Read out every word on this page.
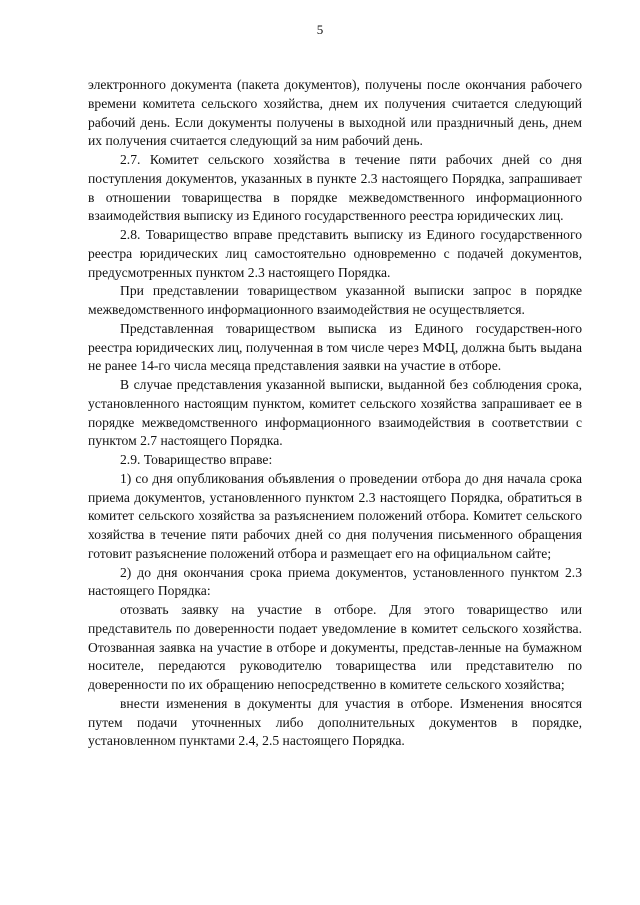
5

электронного документа (пакета документов), получены после окончания рабочего времени комитета сельского хозяйства, днем их получения считается следующий рабочий день. Если документы получены в выходной или праздничный день, днем их получения считается следующий за ним рабочий день.

2.7. Комитет сельского хозяйства в течение пяти рабочих дней со дня поступления документов, указанных в пункте 2.3 настоящего Порядка, запрашивает в отношении товарищества в порядке межведомственного информационного взаимодействия выписку из Единого государственного реестра юридических лиц.

2.8. Товарищество вправе представить выписку из Единого государственного реестра юридических лиц самостоятельно одновременно с подачей документов, предусмотренных пунктом 2.3 настоящего Порядка.

При представлении товариществом указанной выписки запрос в порядке межведомственного информационного взаимодействия не осуществляется.

Представленная товариществом выписка из Единого государствен-ного реестра юридических лиц, полученная в том числе через МФЦ, должна быть выдана не ранее 14-го числа месяца представления заявки на участие в отборе.

В случае представления указанной выписки, выданной без соблюдения срока, установленного настоящим пунктом, комитет сельского хозяйства запрашивает ее в порядке межведомственного информационного взаимодействия в соответствии с пунктом 2.7 настоящего Порядка.

2.9. Товарищество вправе:

1) со дня опубликования объявления о проведении отбора до дня начала срока приема документов, установленного пунктом 2.3 настоящего Порядка, обратиться в комитет сельского хозяйства за разъяснением положений отбора. Комитет сельского хозяйства в течение пяти рабочих дней со дня получения письменного обращения готовит разъяснение положений отбора и размещает его на официальном сайте;

2) до дня окончания срока приема документов, установленного пунктом 2.3 настоящего Порядка:

отозвать заявку на участие в отборе. Для этого товарищество или представитель по доверенности подает уведомление в комитет сельского хозяйства. Отозванная заявка на участие в отборе и документы, представ-ленные на бумажном носителе, передаются руководителю товарищества или представителю по доверенности по их обращению непосредственно в комитете сельского хозяйства;

внести изменения в документы для участия в отборе. Изменения вносятся путем подачи уточненных либо дополнительных документов в порядке, установленном пунктами 2.4, 2.5 настоящего Порядка.
